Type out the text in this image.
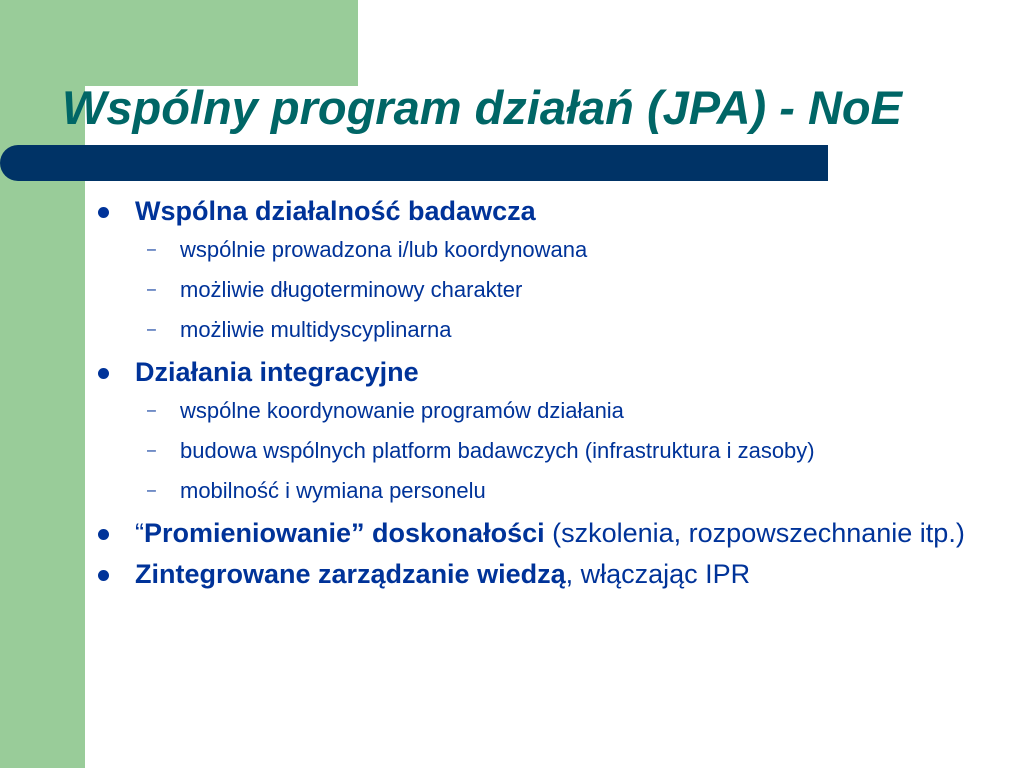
Wspólny program działań (JPA) - NoE
Wspólna działalność badawcza
– wspólnie prowadzona i/lub koordynowana
– możliwie długoterminowy charakter
– możliwie multidyscyplinarna
Działania integracyjne
– wspólne koordynowanie programów działania
– budowa wspólnych platform badawczych (infrastruktura i zasoby)
– mobilność i wymiana personelu
“Promieniowanie” doskonałości (szkolenia, rozpowszechnanie itp.)
Zintegrowane zarządzanie wiedzą, włączając IPR
